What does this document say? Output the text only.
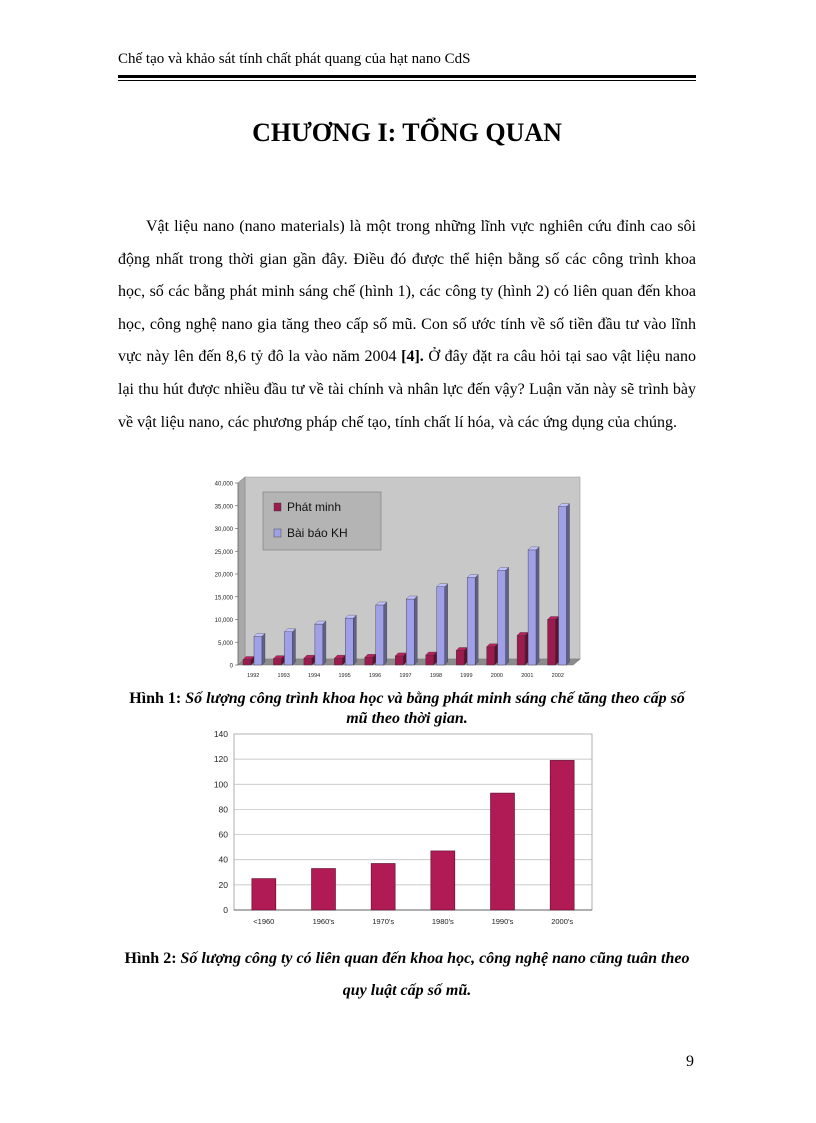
Chế tạo và khảo sát tính chất phát quang của hạt nano CdS
CHƯƠNG I: TỔNG QUAN

Vật liệu nano (nano materials) là một trong những lĩnh vực nghiên cứu đỉnh cao sôi động nhất trong thời gian gần đây. Điều đó được thể hiện bằng số các công trình khoa học, số các bằng phát minh sáng chế (hình 1), các công ty (hình 2) có liên quan đến khoa học, công nghệ nano gia tăng theo cấp số mũ. Con số ước tính về số tiền đầu tư vào lĩnh vực này lên đến 8,6 tỷ đô la vào năm 2004 [4]. Ở đây đặt ra câu hỏi tại sao vật liệu nano lại thu hút được nhiều đầu tư về tài chính và nhân lực đến vậy? Luận văn này sẽ trình bày về vật liệu nano, các phương pháp chế tạo, tính chất lí hóa, và các ứng dụng của chúng.

0
5,000
10,000
15,000
20,000
25,000
30,000
35,000
40,000
1992	1993	1994	1995	1996	1997	1998	1999	2000	2001	2002
Phát minh
Bài báo KH

Hình 1: Số lượng công trình khoa học và bằng phát minh sáng chế tăng theo cấp số mũ theo thời gian.

0
20
40
60
80
100
120
140
<1960	1960's	1970's	1980's	1990's	2000's

Hình 2: Số lượng công ty có liên quan đến khoa học, công nghệ nano cũng tuân theo quy luật cấp số mũ.

9
